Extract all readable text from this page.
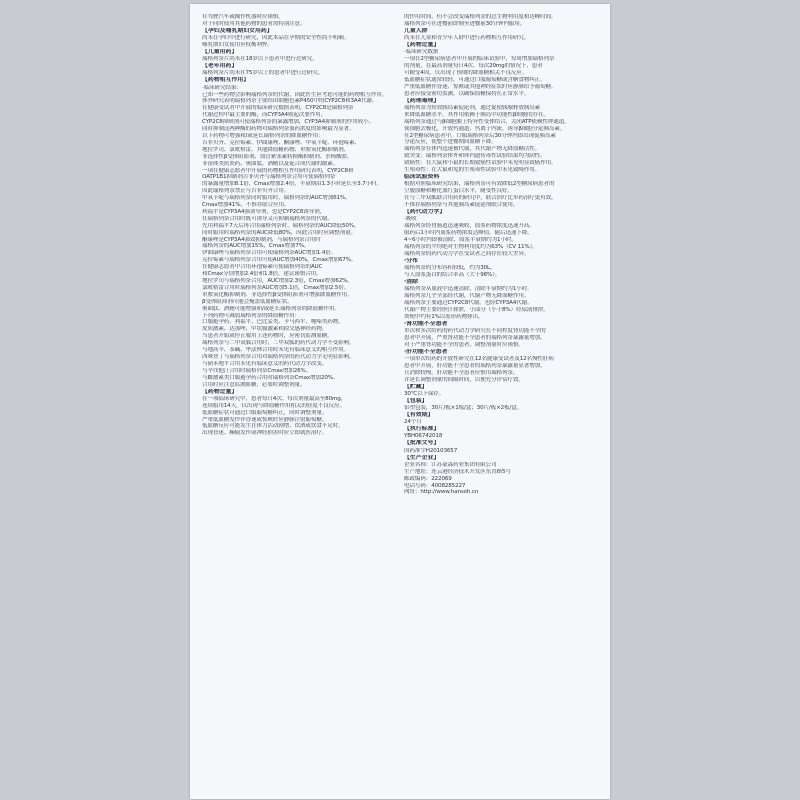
在驾驶汽车或操作机器时应谨慎。
对于同时使用其他药物的患者需特别注意。
【孕妇及哺乳期妇女用药】
尚未在孕妇中进行研究，因此本品在孕期的安全性尚不明确。
哺乳期妇女使用应权衡利弊。
【儿童用药】
瑞格列奈片尚未在18岁以下患者中进行过研究。
【老年用药】
瑞格列奈片尚未在75岁以上的患者中进行过研究。
【药物相互作用】
·临床研究结果：
已知一些药物会影响瑞格列奈的代谢，因此医生应考虑可能的药物相互作用。
体外研究表明瑞格列奈主要经由细胞色素P450中的CYP2C8和3A4代谢。
在健康受试者中开展的临床研究数据表明，CYP2C8是瑞格列奈
代谢过程中最主要的酶，而CYP3A4则起次要作用。
CYP2C8抑制剂可使瑞格列奈的暴露增加，CYP3A4抑制剂的作用较小。
同时抑制这两种酶的药物对瑞格列奈血药浓度的影响最为显著。
以下药物可增强和/或延长瑞格列奈的降血糖作用：
吉非贝齐、克拉霉素、伊曲康唑、酮康唑、甲氧苄啶、环孢霉素、
地拉罗司、氯吡格雷、其他降血糖药物、单胺氧化酶抑制剂、
非选择性β受体阻滞剂、血管紧张素转换酶抑制剂、水杨酸盐、
非甾体类抗炎药、奥曲肽、酒精以及促合成代谢的激素。
一项在健康志愿者中开展的药物相互作用研究表明，CYP2C8和
OATP1B1抑制剂吉非贝齐与瑞格列奈合用可使瑞格列奈
的暴露量增加8.1倍，Cmax增加2.4倍，半衰期由1.3小时延长至3.7小时。
因此瑞格列奈禁止与吉非贝齐合用。
甲氧苄啶与瑞格列奈同时服用时，瑞格列奈的AUC增加61%，
Cmax增加41%，不推荐联合应用。
利福平是CYP3A4强诱导剂，也是CYP2C8诱导剂，
在瑞格列奈合用时既可诱导又可抑制瑞格列奈的代谢。
先用利福平7天后再合用瑞格列奈时，瑞格列奈的AUC降低50%。
同时服用时瑞格列奈的AUC降低80%，因此合用时应调整剂量。
酮康唑是CYP3A4强效抑制剂，与瑞格列奈合用时
瑞格列奈的AUC增加15%，Cmax增加7%。
伊曲康唑与瑞格列奈合用可使瑞格列奈AUC增加1.4倍。
克拉霉素与瑞格列奈合用可使AUC增加40%，Cmax增加67%。
在健康志愿者中合用环孢霉素可使瑞格列奈的AUC
和Cmax分别增加2.4倍和1.8倍，建议谨慎合用。
地拉罗司与瑞格列奈合用，AUC增加2.3倍，Cmax增加62%。
氯吡格雷合用时瑞格列奈AUC增加5.1倍，Cmax增加2.5倍。
单胺氧化酶抑制剂、非选择性β受体阻滞剂可增强降血糖作用。
β受体阻滞剂可能会掩盖低血糖症状。
奥曲肽、酒精可能增强和/或延长瑞格列奈的降血糖作用。
下列药物可减弱瑞格列奈的降血糖作用：
口服避孕药、利福平、巴比妥类、卡马西平、噻嗪类药物、
皮质激素、达那唑、甲状腺激素和拟交感神经药物。
当患者开始或停止服用上述药物时，应密切监测血糖。
瑞格列奈与二甲双胍合用时，二甲双胍的药代动力学不受影响。
与地高辛、茶碱、华法林合用时未见有临床意义的相互作用。
西咪替丁与瑞格列奈合用对瑞格列奈的药代动力学无明显影响。
与硝苯地平合用未见有临床意义的药代动力学改变。
与辛伐他汀合用时瑞格列奈Cmax增加26%。
与雌激素类口服避孕药合用时瑞格列奈Cmax增加20%。
合用时应注意监测血糖，必要时调整剂量。
【药物过量】
在一项临床研究中，患者每日4次、每次剂量最高至80mg，
连续服用14天，仅出现与降血糖作用相关的轻度不良反应。
低血糖症状可通过口服葡萄糖纠正，同时调整剂量。
严重低血糖发作伴昏迷或惊厥时应静脉注射葡萄糖。
低血糖反应可能发生在体力活动剧增、饮酒或饮食不足时。
出现昏迷、癫痫发作或神经损害时应立即就医治疗。
的作用时间，但不会改变瑞格列奈的总生物利用度和达峰时间。
瑞格列奈可在进餐前即刻至进餐前30分钟内服用。
儿童人群
尚未在儿童和青少年人群中进行药物相互作用研究。
【药物过量】
·临床研究数据
一项在2型糖尿病患者中开展的临床试验中，每周增加瑞格列奈
的剂量，在最高剂量每日4次、每次20mg的情况下，患者
可耐受4周，仅出现了预期的降血糖相关不良反应。
低血糖症状通常较轻，可通过口服葡萄糖或含糖食物纠正。
严重低血糖伴昏迷、惊厥或其他神经症状时应静脉给予葡萄糖。
患者应接受密切监测，以确保血糖保持在正常水平。
【药理毒理】
瑞格列奈为短效胰岛素促泌剂，通过促使胰腺释放胰岛素
来降低血糖水平，其作用依赖于胰岛中功能性β细胞的存在。
瑞格列奈通过与β细胞膜上特异性受体结合，关闭ATP依赖性钾通道，
使细胞去极化，开放钙通道，钙离子内流，诱导β细胞分泌胰岛素。
在2型糖尿病患者中，口服瑞格列奈后30分钟内即出现促胰岛素
分泌反应，使整个进餐期间血糖下降。
瑞格列奈在体内迅速被代谢，其代谢产物无降血糖活性。
致突变：瑞格列奈体外和体内遗传毒性试验结果均为阴性。
致癌性：在大鼠和小鼠的长期致癌性试验中未见明显致癌作用。
生殖毒性：在大鼠和兔的生殖毒性试验中未见致畸作用。
临床试验资料
根据对照临床研究结果，瑞格列奈可有效降低2型糖尿病患者的
空腹血糖和糖化血红蛋白水平，耐受性良好。
在与二甲双胍联合用药的研究中，联合治疗比单药治疗更有效。
不推荐瑞格列奈与其他胰岛素促泌剂联合使用。
【药代动力学】
·吸收
瑞格列奈经胃肠道迅速吸收，血浆药物浓度迅速升高。
服药后1小时内血浆药物浓度达峰值，随后迅速下降，
4~6小时内即被清除，血浆半衰期约为1小时。
瑞格列奈的平均绝对生物利用度约为63%（CV 11%）。
瑞格列奈的药代动力学在受试者之间存在较大差异。
·分布
瑞格列奈的分布容积较低，约为30L，
与人血浆蛋白的结合率高（大于98%）。
·清除
瑞格列奈从血液中迅速清除，清除半衰期约为1小时。
瑞格列奈几乎全部经代谢，代谢产物无降血糖作用。
瑞格列奈主要通过CYP2C8代谢，也经CYP3A4代谢。
代谢产物主要经胆汁排泄，小部分（小于8%）经尿液排泄。
粪便中约有1%以原形药物排出。
·肾功能不全患者
单次和多次给药的药代动力学研究在不同程度肾功能不全的
患者中开展，严重肾功能不全患者的瑞格列奈暴露量增加。
对于严重肾功能不全的患者，调整剂量时应谨慎。
·肝功能不全患者
一项单次给药的开放性研究在12名健康受试者及12名慢性肝病
患者中开展，肝功能不全患者的瑞格列奈暴露量显著增加，
且消除较慢。肝功能不全患者应慎用瑞格列奈，
并延长调整剂量的间隔时间，以便充分评估疗效。
【贮藏】
30℃以下保存。
【包装】
铝塑包装，30片/板×1板/盒；30片/板×2板/盒。
【有效期】
24个月
【执行标准】
YBH06742018
【批准文号】
国药准字H20103657
【生产企业】
企业名称：江苏豪森药业集团有限公司
生产地址：连云港经济技术开发区东晋路5号
邮政编码：222069
电话号码：4008285227
网址：http://www.hansoh.cn
